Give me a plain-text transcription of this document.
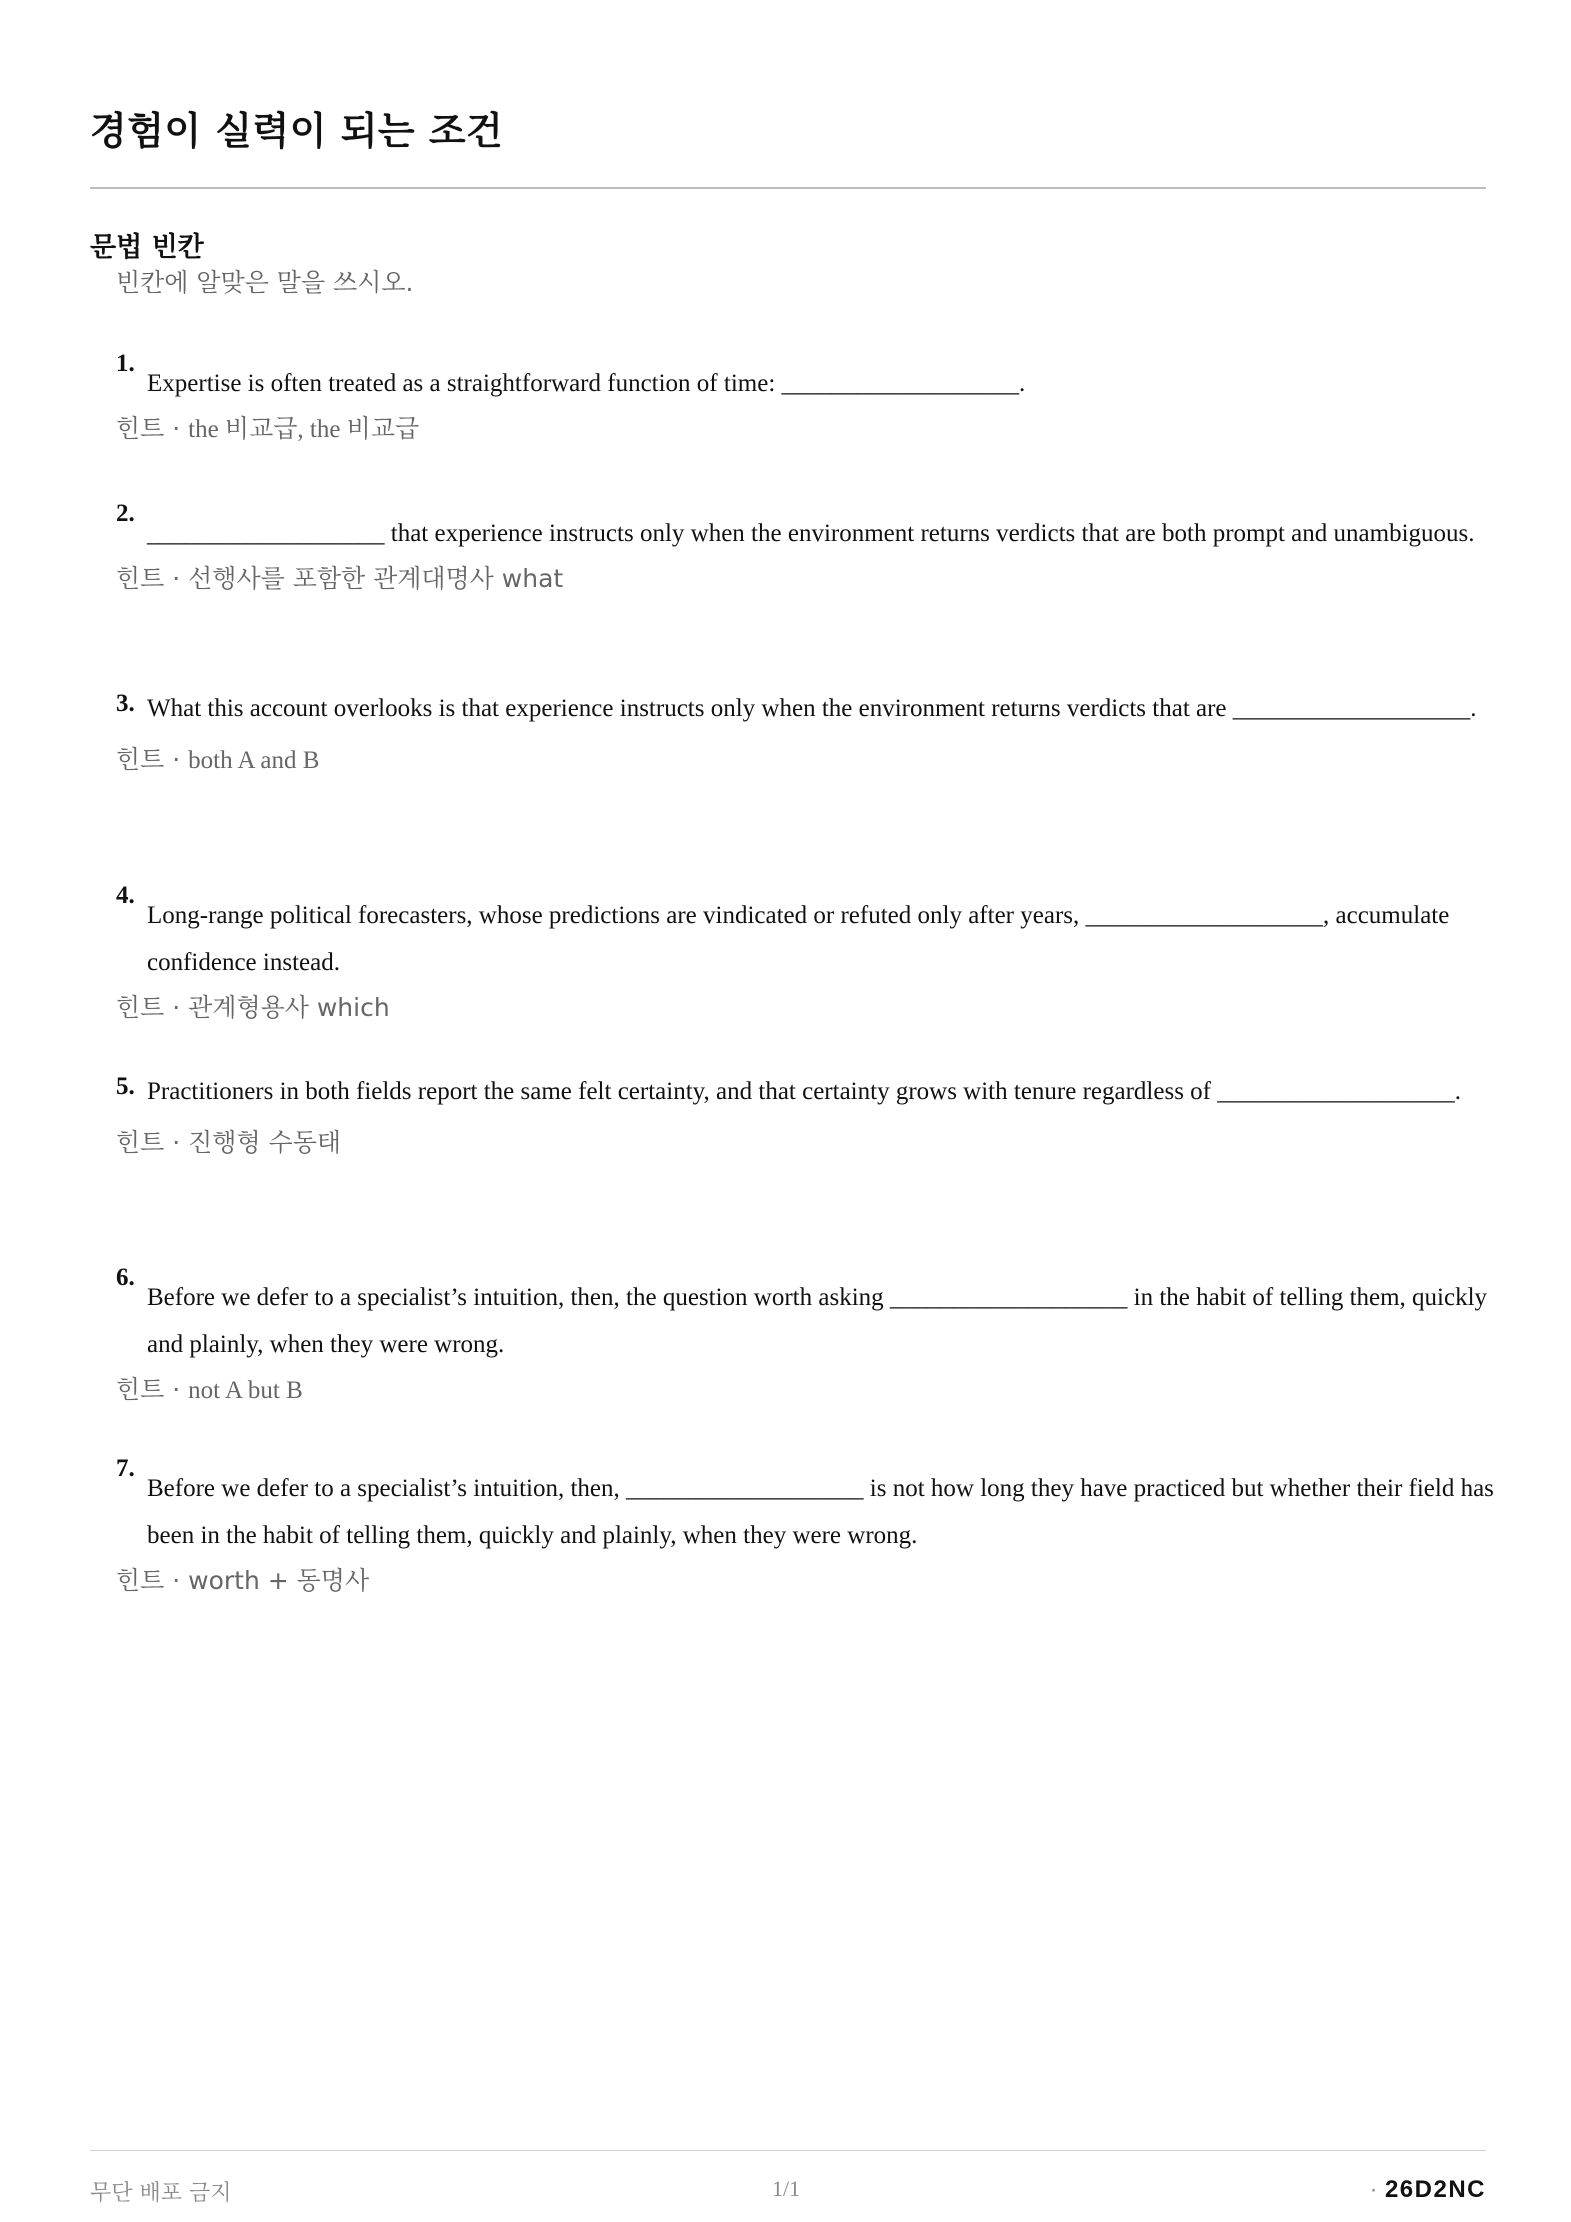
경험이 실력이 되는 조건
문법 빈칸
빈칸에 알맞은 말을 쓰시오.
1.
Expertise is often treated as a straightforward function of time: ___________________.
힌트 · the 비교급, the 비교급
2.
___________________ that experience instructs only when the environment returns verdicts that are both prompt and unambiguous.
힌트 · 선행사를 포함한 관계대명사 what
3. What this account overlooks is that experience instructs only when the environment returns verdicts that are ___________________.
힌트 · both A and B
4.
Long-range political forecasters, whose predictions are vindicated or refuted only after years, ___________________, accumulate confidence instead.
힌트 · 관계형용사 which
5. Practitioners in both fields report the same felt certainty, and that certainty grows with tenure regardless of ___________________.
힌트 · 진행형 수동태
6.
Before we defer to a specialist’s intuition, then, the question worth asking ___________________ in the habit of telling them, quickly and plainly, when they were wrong.
힌트 · not A but B
7.
Before we defer to a specialist’s intuition, then, ___________________ is not how long they have practiced but whether their field has been in the habit of telling them, quickly and plainly, when they were wrong.
힌트 · worth + 동명사
무단 배포 금지	1/1	· 26D2NC
